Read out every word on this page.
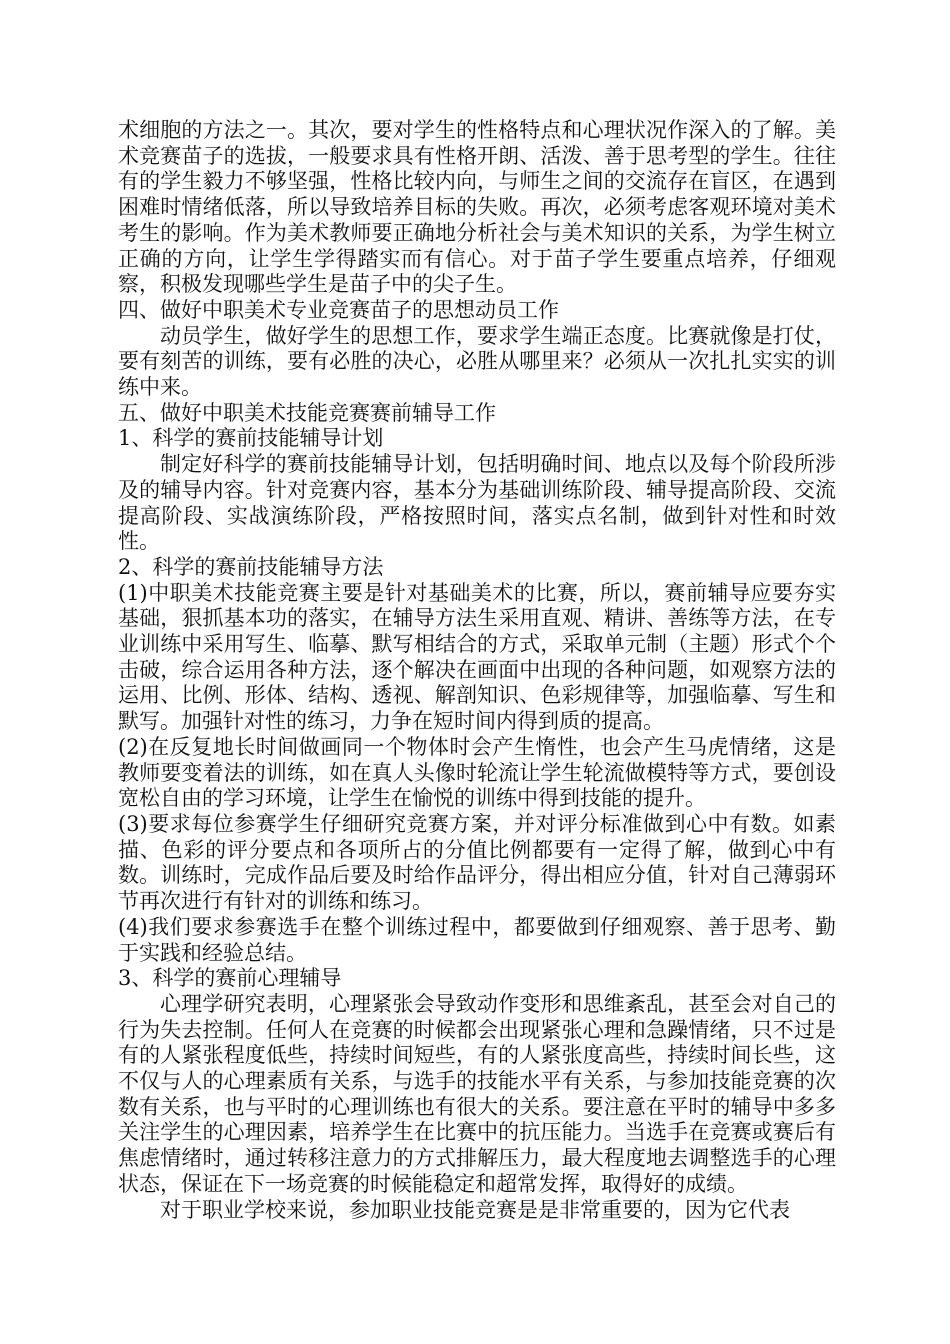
术细胞的方法之一。其次，要对学生的性格特点和心理状况作深入的了解。美术竞赛苗子的选拔，一般要求具有性格开朗、活泼、善于思考型的学生。往往有的学生毅力不够坚强，性格比较内向，与师生之间的交流存在盲区，在遇到困难时情绪低落，所以导致培养目标的失败。再次，必须考虑客观环境对美术考生的影响。作为美术教师要正确地分析社会与美术知识的关系，为学生树立正确的方向，让学生学得踏实而有信心。对于苗子学生要重点培养，仔细观察，积极发现哪些学生是苗子中的尖子生。

四、做好中职美术专业竞赛苗子的思想动员工作

动员学生，做好学生的思想工作，要求学生端正态度。比赛就像是打仗，要有刻苦的训练，要有必胜的决心，必胜从哪里来？必须从一次扎扎实实的训练中来。

五、做好中职美术技能竞赛赛前辅导工作

1、科学的赛前技能辅导计划

制定好科学的赛前技能辅导计划，包括明确时间、地点以及每个阶段所涉及的辅导内容。针对竞赛内容，基本分为基础训练阶段、辅导提高阶段、交流提高阶段、实战演练阶段，严格按照时间，落实点名制，做到针对性和时效性。

2、科学的赛前技能辅导方法

(1)中职美术技能竞赛主要是针对基础美术的比赛，所以，赛前辅导应要夯实基础，狠抓基本功的落实，在辅导方法生采用直观、精讲、善练等方法，在专业训练中采用写生、临摹、默写相结合的方式，采取单元制（主题）形式个个击破，综合运用各种方法，逐个解决在画面中出现的各种问题，如观察方法的运用、比例、形体、结构、透视、解剖知识、色彩规律等，加强临摹、写生和默写。加强针对性的练习，力争在短时间内得到质的提高。

(2)在反复地长时间做画同一个物体时会产生惰性，也会产生马虎情绪，这是教师要变着法的训练，如在真人头像时轮流让学生轮流做模特等方式，要创设宽松自由的学习环境，让学生在愉悦的训练中得到技能的提升。

(3)要求每位参赛学生仔细研究竞赛方案，并对评分标准做到心中有数。如素描、色彩的评分要点和各项所占的分值比例都要有一定得了解，做到心中有数。训练时，完成作品后要及时给作品评分，得出相应分值，针对自己薄弱环节再次进行有针对的训练和练习。

(4)我们要求参赛选手在整个训练过程中，都要做到仔细观察、善于思考、勤于实践和经验总结。

3、科学的赛前心理辅导

心理学研究表明，心理紧张会导致动作变形和思维紊乱，甚至会对自己的行为失去控制。任何人在竞赛的时候都会出现紧张心理和急躁情绪，只不过是有的人紧张程度低些，持续时间短些，有的人紧张度高些，持续时间长些，这不仅与人的心理素质有关系，与选手的技能水平有关系，与参加技能竞赛的次数有关系，也与平时的心理训练也有很大的关系。要注意在平时的辅导中多多关注学生的心理因素，培养学生在比赛中的抗压能力。当选手在竞赛或赛后有焦虑情绪时，通过转移注意力的方式排解压力，最大程度地去调整选手的心理状态，保证在下一场竞赛的时候能稳定和超常发挥，取得好的成绩。

对于职业学校来说，参加职业技能竞赛是是非常重要的，因为它代表
